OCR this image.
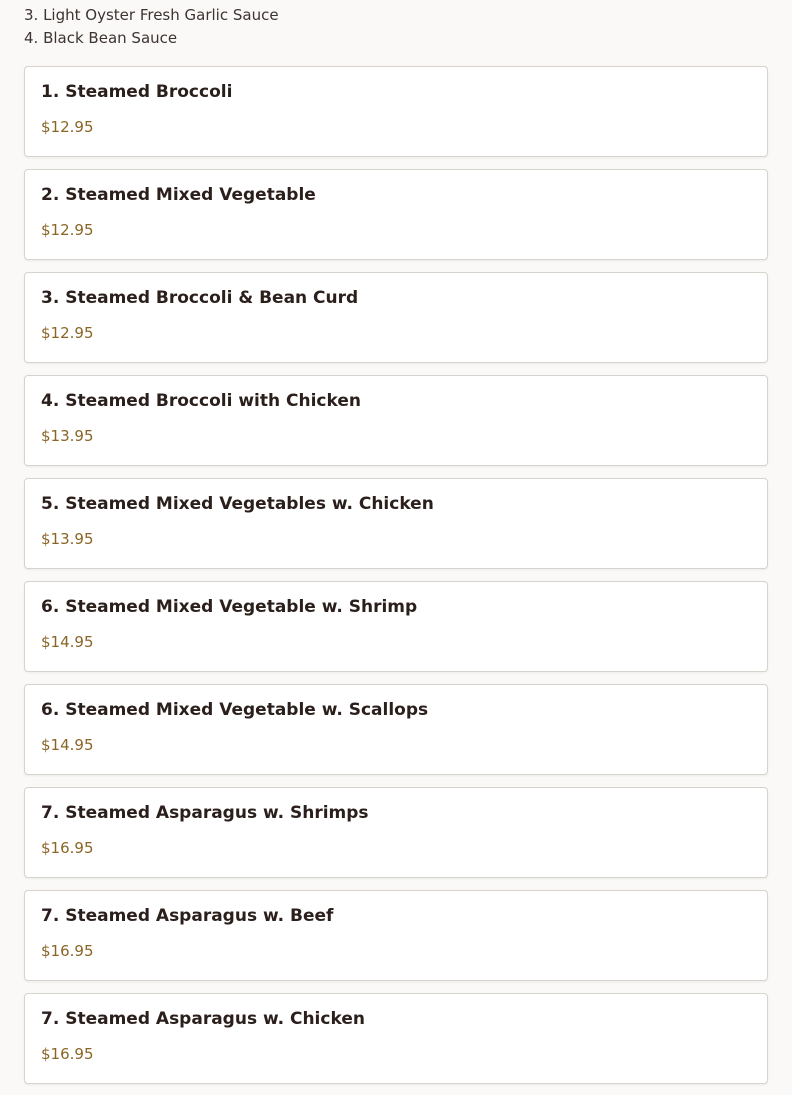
3. Light Oyster Fresh Garlic Sauce
4. Black Bean Sauce
1. Steamed Broccoli
$12.95
2. Steamed Mixed Vegetable
$12.95
3. Steamed Broccoli & Bean Curd
$12.95
4. Steamed Broccoli with Chicken
$13.95
5. Steamed Mixed Vegetables w. Chicken
$13.95
6. Steamed Mixed Vegetable w. Shrimp
$14.95
6. Steamed Mixed Vegetable w. Scallops
$14.95
7. Steamed Asparagus w. Shrimps
$16.95
7. Steamed Asparagus w. Beef
$16.95
7. Steamed Asparagus w. Chicken
$16.95
